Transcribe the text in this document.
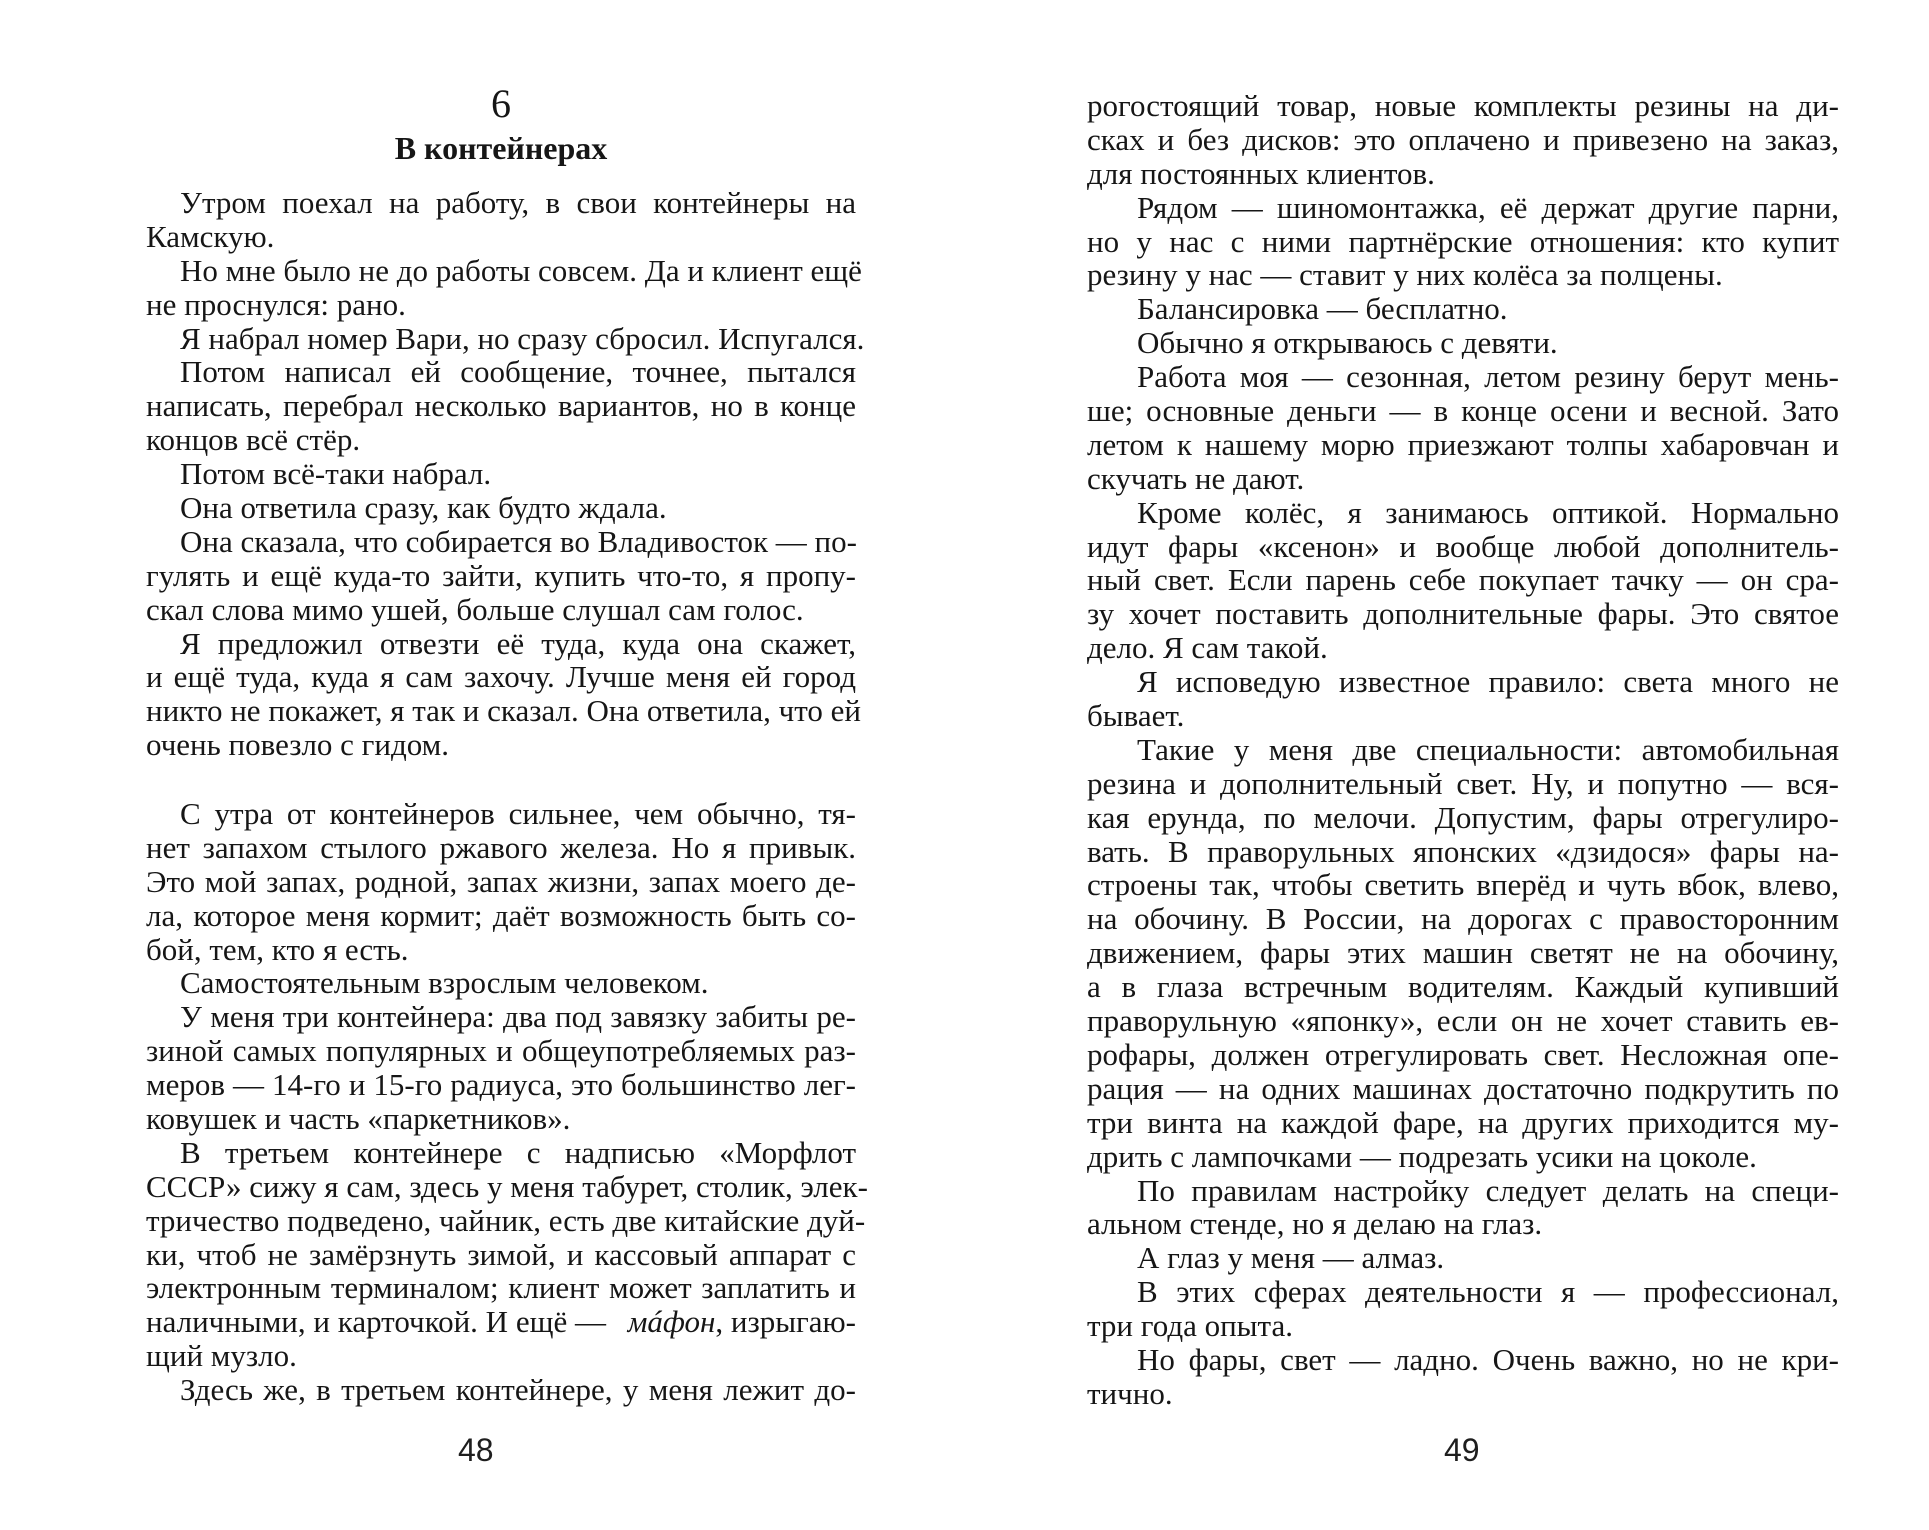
6
В контейнерах
Утром поехал на работу, в свои контейнеры на
Камскую.
Но мне было не до работы совсем. Да и клиент ещё
не проснулся: рано.
Я набрал номер Вари, но сразу сбросил. Испугался.
Потом написал ей сообщение, точнее, пытался
написать, перебрал несколько вариантов, но в конце
концов всё стёр.
Потом всё-таки набрал.
Она ответила сразу, как будто ждала.
Она сказала, что собирается во Владивосток — по-
гулять и ещё куда-то зайти, купить что-то, я пропу-
скал слова мимо ушей, больше слушал сам голос.
Я предложил отвезти её туда, куда она скажет,
и ещё туда, куда я сам захочу. Лучше меня ей город
никто не покажет, я так и сказал. Она ответила, что ей
очень повезло с гидом.
С утра от контейнеров сильнее, чем обычно, тя-
нет запахом стылого ржавого железа. Но я привык.
Это мой запах, родной, запах жизни, запах моего де-
ла, которое меня кормит; даёт возможность быть со-
бой, тем, кто я есть.
Самостоятельным взрослым человеком.
У меня три контейнера: два под завязку забиты ре-
зиной самых популярных и общеупотребляемых раз-
меров — 14-го и 15-го радиуса, это большинство лег-
ковушек и часть «паркетников».
В третьем контейнере с надписью «Морфлот
СССР» сижу я сам, здесь у меня табурет, столик, элек-
тричество подведено, чайник, есть две китайские дуй-
ки, чтоб не замёрзнуть зимой, и кассовый аппарат с
электронным терминалом; клиент может заплатить и
наличными, и карточкой. И ещё — мáфон , изрыгаю-
щий музло.
Здесь же, в третьем контейнере, у меня лежит до-
48
рогостоящий товар, новые комплекты резины на ди-
сках и без дисков: это оплачено и привезено на заказ,
для постоянных клиентов.
Рядом — шиномонтажка, её держат другие парни,
но у нас с ними партнёрские отношения: кто купит
резину у нас — ставит у них колёса за полцены.
Балансировка — бесплатно.
Обычно я открываюсь с девяти.
Работа моя — сезонная, летом резину берут мень-
ше; основные деньги — в конце осени и весной. Зато
летом к нашему морю приезжают толпы хабаровчан и
скучать не дают.
Кроме колёс, я занимаюсь оптикой. Нормально
идут фары «ксенон» и вообще любой дополнитель-
ный свет. Если парень себе покупает тачку — он сра-
зу хочет поставить дополнительные фары. Это святое
дело. Я сам такой.
Я исповедую известное правило: света много не
бывает.
Такие у меня две специальности: автомобильная
резина и дополнительный свет. Ну, и попутно — вся-
кая ерунда, по мелочи. Допустим, фары отрегулиро-
вать. В праворульных японских «дзидося» фары на-
строены так, чтобы светить вперёд и чуть вбок, влево,
на обочину. В России, на дорогах с правосторонним
движением, фары этих машин светят не на обочину,
а в глаза встречным водителям. Каждый купивший
праворульную «японку», если он не хочет ставить ев-
рофары, должен отрегулировать свет. Несложная опе-
рация — на одних машинах достаточно подкрутить по
три винта на каждой фаре, на других приходится му-
дрить с лампочками — подрезать усики на цоколе.
По правилам настройку следует делать на специ-
альном стенде, но я делаю на глаз.
А глаз у меня — алмаз.
В этих сферах деятельности я — профессионал,
три года опыта.
Но фары, свет — ладно. Очень важно, но не кри-
тично.
49
